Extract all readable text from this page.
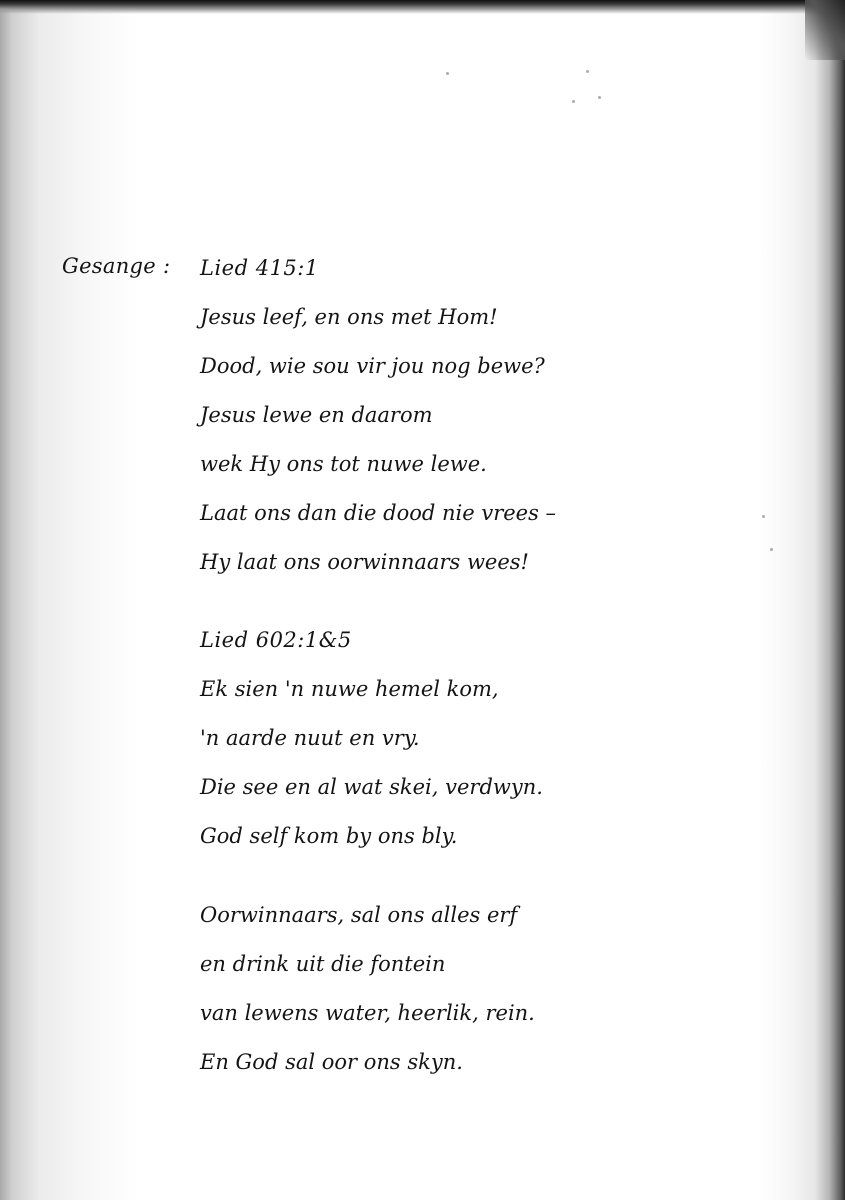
Gesange : Lied 415:1
Jesus leef, en ons met Hom!
Dood, wie sou vir jou nog bewe?
Jesus lewe en daarom
wek Hy ons tot nuwe lewe.
Laat ons dan die dood nie vrees –
Hy laat ons oorwinnaars wees!
Lied 602:1&5
Ek sien 'n nuwe hemel kom,
'n aarde nuut en vry.
Die see en al wat skei, verdwyn.
God self kom by ons bly.
Oorwinnaars, sal ons alles erf
en drink uit die fontein
van lewens water, heerlik, rein.
En God sal oor ons skyn.
